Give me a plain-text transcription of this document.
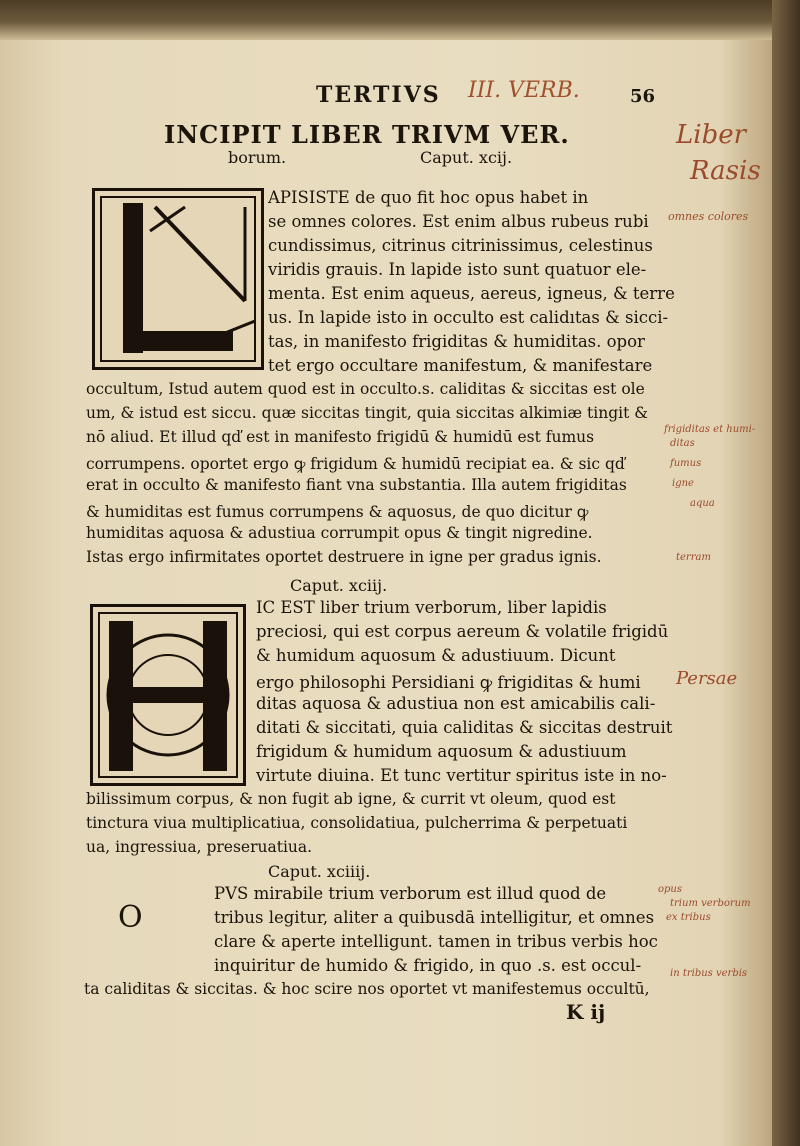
TERTIVS III. VERB.	56
INCIPIT LIBER TRIVM VER.
borum.	Caput. xcij.
APISISTE de quo fit hoc opus habet in
se omnes colores. Est enim albus rubeus rubi
cundissimus, citrinus citrinissimus, celestinus
viridis grauis. In lapide isto sunt quatuor ele-
menta. Est enim aqueus, aereus, igneus, & terre
us. In lapide isto in occulto est calidıtas & sicci-
tas, in manifesto frigiditas & humiditas. opor
tet ergo occultare manifestum, & manifestare
occultum, Istud autem quod est in occulto.s. caliditas & siccitas est ole
um, & istud est siccu. quæ siccitas tingit, quia siccitas alkimiæ tingit &
nō aliud. Et illud qď est in manifesto frigidū & humidū est fumus
corrumpens. oportet ergo ꝙ frigidum & humidū recipiat ea. & sic qď
erat in occulto & manifesto fiant vna substantia. Illa autem frigiditas
& humiditas est fumus corrumpens & aquosus, de quo dicitur ꝙ
humiditas aquosa & adustiua corrumpit opus & tingit nigredine.
Istas ergo infirmitates oportet destruere in igne per gradus ignis.
Caput. xciij.
IC EST liber trium verborum, liber lapidis
preciosi, qui est corpus aereum & volatile frigidū
& humidum aquosum & adustiuum. Dicunt
ergo philosophi Persidiani ꝙ frigiditas & humi
ditas aquosa & adustiua non est amicabilis cali-
ditati & siccitati, quia caliditas & siccitas destruit
frigidum & humidum aquosum & adustiuum
virtute diuina. Et tunc vertitur spiritus iste in no-
bilissimum corpus, & non fugit ab igne, & currit vt oleum, quod est
tinctura viua multiplicatiua, consolidatiua, pulcherrima & perpetuati
ua, ingressiua, preseruatiua.
Caput. xciiij.
O
PVS mirabile trium verborum est illud quod de
tribus legitur, aliter a quibusdā intelligitur, et omnes
clare & aperte intelligunt. tamen in tribus verbis hoc
inquiritur de humido & frigido, in quo .s. est occul-
ta caliditas & siccitas. & hoc scire nos oportet vt manifestemus occultū,
K ij
Liber
Rasis
omnes colores
Persae
frigiditas et humi-
ditas
fumus
igne
aqua
terram
opus
trium verborum
ex tribus
in tribus verbis
